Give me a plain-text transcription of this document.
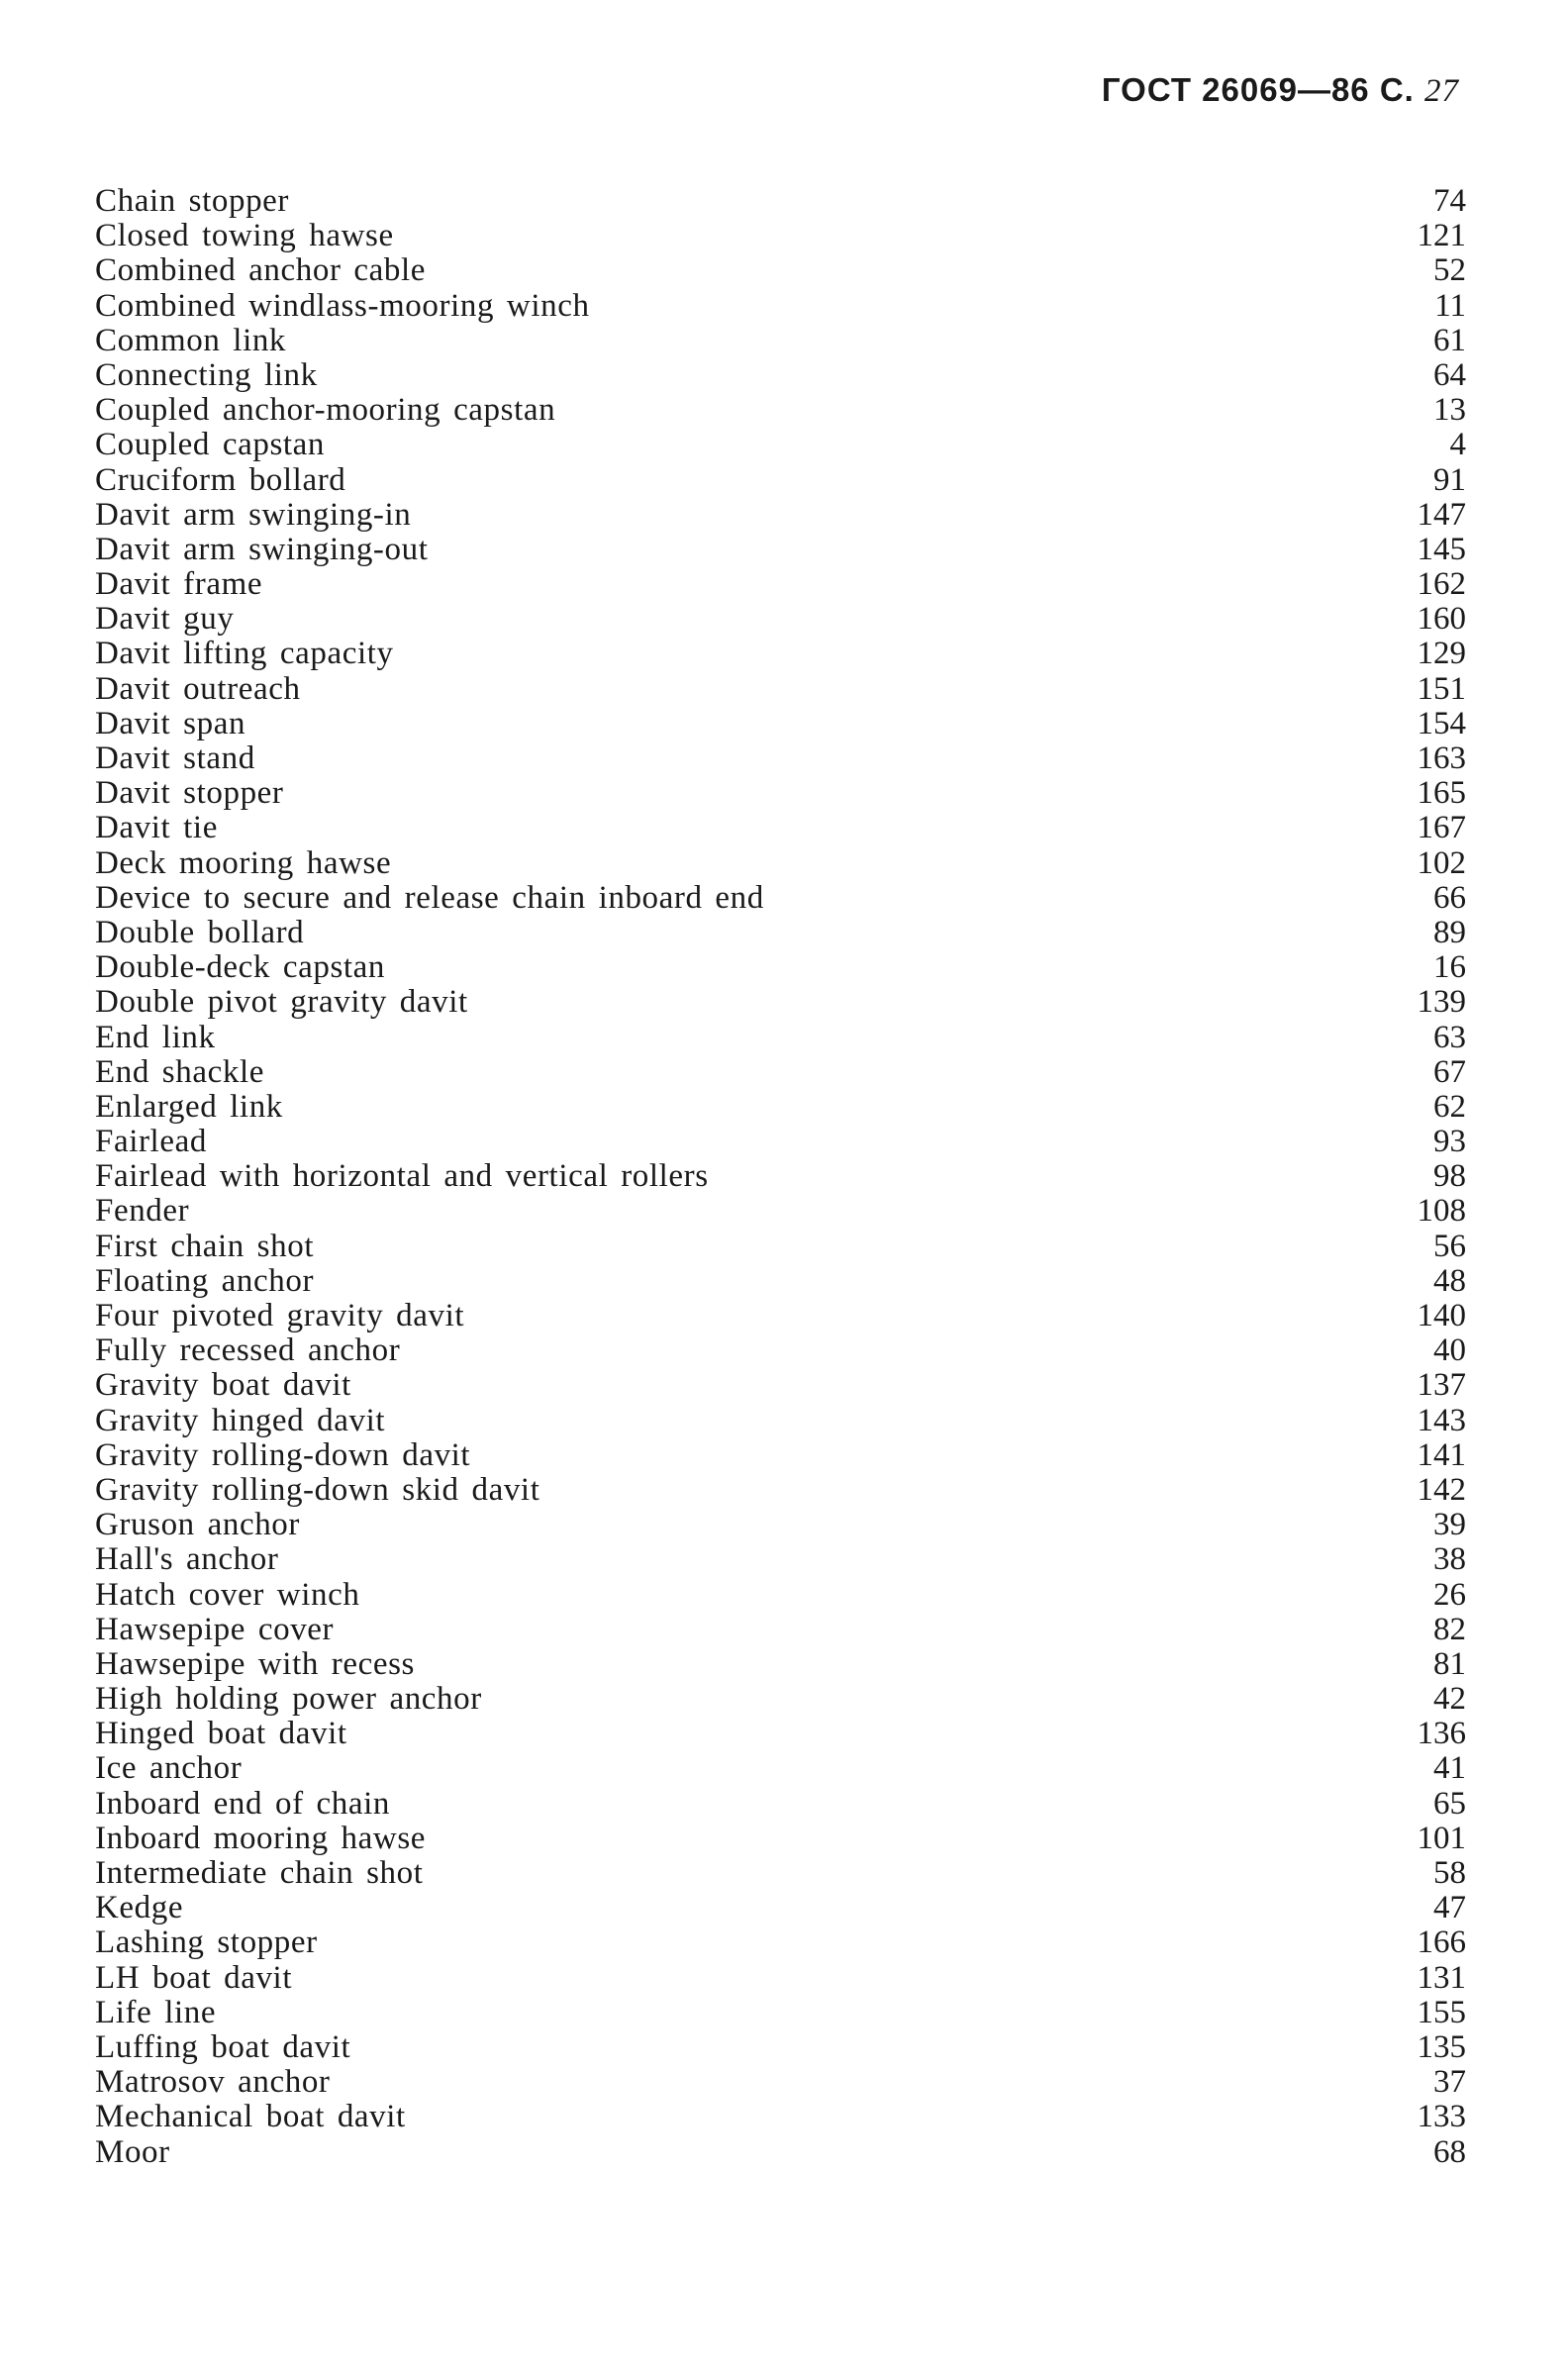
ГОСТ 26069—86 С. 27
Chain stopper	74
Closed towing hawse	121
Combined anchor cable	52
Combined windlass-mooring winch	11
Common link	61
Connecting link	64
Coupled anchor-mooring capstan	13
Coupled capstan	4
Cruciform bollard	91
Davit arm swinging-in	147
Davit arm swinging-out	145
Davit frame	162
Davit guy	160
Davit lifting capacity	129
Davit outreach	151
Davit span	154
Davit stand	163
Davit stopper	165
Davit tie	167
Deck mooring hawse	102
Device to secure and release chain inboard end	66
Double bollard	89
Double-deck capstan	16
Double pivot gravity davit	139
End link	63
End shackle	67
Enlarged link	62
Fairlead	93
Fairlead with horizontal and vertical rollers	98
Fender	108
First chain shot	56
Floating anchor	48
Four pivoted gravity davit	140
Fully recessed anchor	40
Gravity boat davit	137
Gravity hinged davit	143
Gravity rolling-down davit	141
Gravity rolling-down skid davit	142
Gruson anchor	39
Hall's anchor	38
Hatch cover winch	26
Hawsepipe cover	82
Hawsepipe with recess	81
High holding power anchor	42
Hinged boat davit	136
Ice anchor	41
Inboard end of chain	65
Inboard mooring hawse	101
Intermediate chain shot	58
Kedge	47
Lashing stopper	166
LH boat davit	131
Life line	155
Luffing boat davit	135
Matrosov anchor	37
Mechanical boat davit	133
Moor	68
